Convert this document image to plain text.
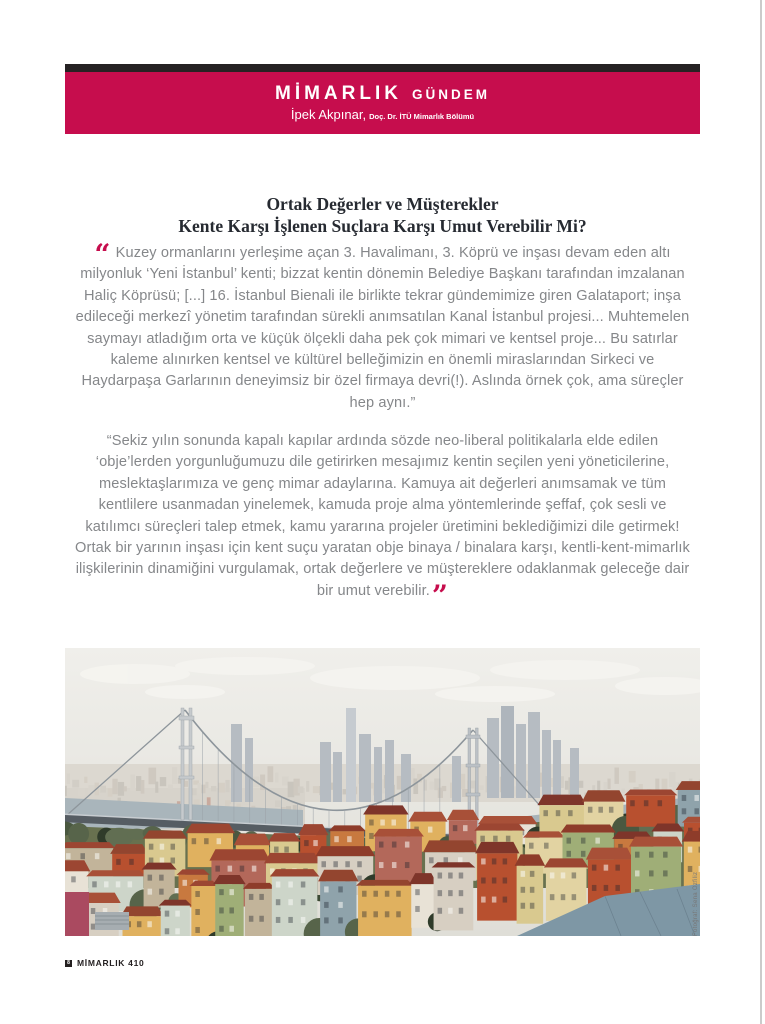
MİMARLIK GÜNDEM
İpek Akpınar, Doç. Dr. İTÜ Mimarlık Bölümü
Ortak Değerler ve Müşterekler
Kente Karşı İşlenen Suçlara Karşı Umut Verebilir Mi?

“ Kuzey ormanlarını yerleşime açan 3. Havalimanı, 3. Köprü ve inşası devam eden altı milyonluk ‘Yeni İstanbul’ kenti; bizzat kentin dönemin Belediye Başkanı tarafından imzalanan Haliç Köprüsü; [...] 16. İstanbul Bienali ile birlikte tekrar gündemimize giren Galataport; inşa edileceği merkezî yönetim tarafından sürekli anımsatılan Kanal İstanbul projesi... Muhtemelen saymayı atladığım orta ve küçük ölçekli daha pek çok mimari ve kentsel proje... Bu satırlar kaleme alınırken kentsel ve kültürel belleğimizin en önemli miraslarından Sirkeci ve Haydarpaşa Garlarının deneyimsiz bir özel firmaya devri(!). Aslında örnek çok, ama süreçler hep aynı.”

“Sekiz yılın sonunda kapalı kapılar ardında sözde neo-liberal politikalarla elde edilen ‘obje’lerden yorgunluğumuzu dile getirirken mesajımız kentin seçilen yeni yöneticilerine, meslektaşlarımıza ve genç mimar adaylarına. Kamuya ait değerleri anımsamak ve tüm kentlilere usanmadan yinelemek, kamuda proje alma yöntemlerinde şeffaf, çok sesli ve katılımcı süreçleri talep etmek, kamu yararına projeler üretimini beklediğimizi dile getirmek! Ortak bir yarının inşası için kent suçu yaratan obje binaya / binalara karşı, kentli-kent-mimarlık ilişkilerinin dinamiğini vurgulamak, ortak değerlere ve müştereklere odaklanmak geleceğe dair bir umut verebilir.”

Fotoğraf: Sena Özfiliz
8 MİMARLIK 410
